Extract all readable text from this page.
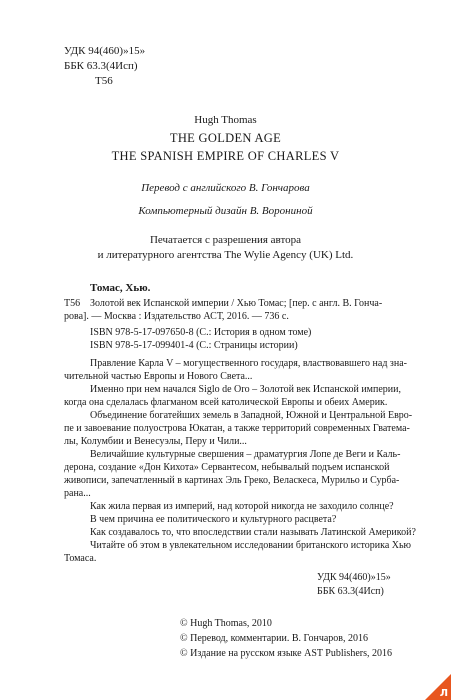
УДК 94(460)»15»
ББК 63.3(4Исп)
Т56
Hugh Thomas
THE GOLDEN AGE
THE SPANISH EMPIRE OF CHARLES V
Перевод с английского В. Гончарова
Компьютерный дизайн В. Ворониной
Печатается с разрешения автора
и литературного агентства The Wylie Agency (UK) Ltd.
Томас, Хью.
Т56 Золотой век Испанской империи / Хью Томас; [пер. с англ. В. Гонча-
рова]. — Москва : Издательство АСТ, 2016. — 736 с.
ISBN 978-5-17-097650-8 (С.: История в одном томе)
ISBN 978-5-17-099401-4 (С.: Страницы истории)
Правление Карла V – могущественного государя, властвовавшего над зна-
чительной частью Европы и Нового Света...
Именно при нем начался Siglo de Oro – Золотой век Испанской империи,
когда она сделалась флагманом всей католической Европы и обеих Америк.
Объединение богатейших земель в Западной, Южной и Центральной Евро-
пе и завоевание полуострова Юкатан, а также территорий современных Гватема-
лы, Колумбии и Венесуэлы, Перу и Чили...
Величайшие культурные свершения – драматургия Лопе де Веги и Каль-
дерона, создание «Дон Кихота» Сервантесом, небывалый подъем испанской
живописи, запечатленный в картинах Эль Греко, Веласкеса, Мурильо и Сурба-
рана...
Как жила первая из империй, над которой никогда не заходило солнце?
В чем причина ее политического и культурного расцвета?
Как создавалось то, что впоследствии стали называть Латинской Америкой?
Читайте об этом в увлекательном исследовании британского историка Хью
Томаса.
УДК 94(460)»15»
ББК 63.3(4Исп)
© Hugh Thomas, 2010
© Перевод, комментарии. В. Гончаров, 2016
© Издание на русском языке AST Publishers, 2016
Л
